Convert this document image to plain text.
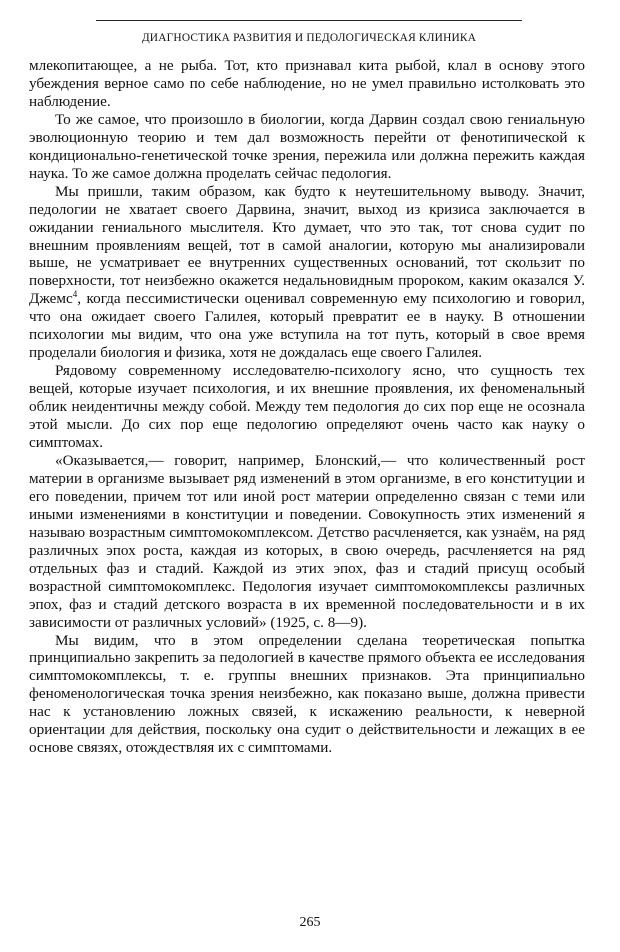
ДИАГНОСТИКА РАЗВИТИЯ И ПЕДОЛОГИЧЕСКАЯ КЛИНИКА

млекопитающее, а не рыба. Тот, кто признавал кита рыбой, клал в основу этого убеждения верное само по себе наблюдение, но не умел правильно истолковать это наблюдение.

То же самое, что произошло в биологии, когда Дарвин создал свою гениальную эволюционную теорию и тем дал возможность перейти от фенотипической к кондиционально-генетической точке зрения, пережила или должна пережить каждая наука. То же самое должна проделать сейчас педология.

Мы пришли, таким образом, как будто к неутешительному выводу. Значит, педологии не хватает своего Дарвина, значит, выход из кризиса заключается в ожидании гениального мыслителя. Кто думает, что это так, тот снова судит по внешним проявлениям вещей, тот в самой аналогии, которую мы анализировали выше, не усматривает ее внутренних существенных оснований, тот скользит по поверхности, тот неизбежно окажется недальновидным пророком, каким оказался У. Джемс$^4$, когда пессимистически оценивал современную ему психологию и говорил, что она ожидает своего Галилея, который превратит ее в науку. В отношении психологии мы видим, что она уже вступила на тот путь, который в свое время проделали биология и физика, хотя не дождалась еще своего Галилея.

Рядовому современному исследователю-психологу ясно, что сущность тех вещей, которые изучает психология, и их внешние проявления, их феноменальный облик неидентичны между собой. Между тем педология до сих пор еще не осознала этой мысли. До сих пор еще педологию определяют очень часто как науку о симптомах.

«Оказывается,— говорит, например, Блонский,— что количественный рост материи в организме вызывает ряд изменений в этом организме, в его конституции и его поведении, причем тот или иной рост материи определенно связан с теми или иными изменениями в конституции и поведении. Совокупность этих изменений я называю возрастным симптомокомплексом. Детство расчленяется, как узнаём, на ряд различных эпох роста, каждая из которых, в свою очередь, расчленяется на ряд отдельных фаз и стадий. Каждой из этих эпох, фаз и стадий присущ особый возрастной симптомокомплекс. Педология изучает симптомокомплексы различных эпох, фаз и стадий детского возраста в их временной последовательности и в их зависимости от различных условий» (1925, с. 8—9).

Мы видим, что в этом определении сделана теоретическая попытка принципиально закрепить за педологией в качестве прямого объекта ее исследования симптомокомплексы, т. е. группы внешних признаков. Эта принципиально феноменологическая точка зрения неизбежно, как показано выше, должна привести нас к установлению ложных связей, к искажению реальности, к неверной ориентации для действия, поскольку она судит о действительности и лежащих в ее основе связях, отождествляя их с симптомами.

265
